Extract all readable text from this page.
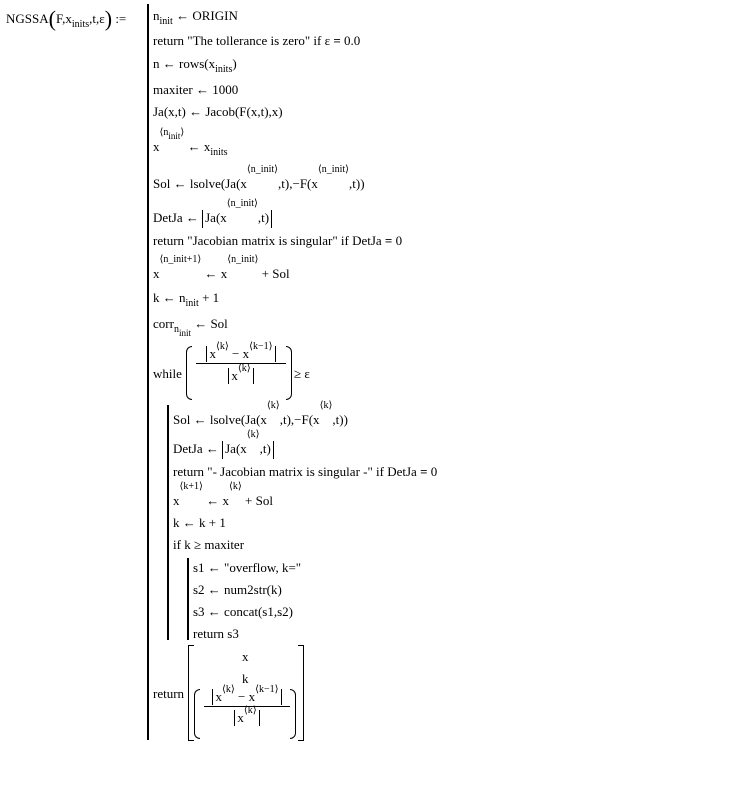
$NGSSA(F,x_{inits},t,\varepsilon)$ := $n_{init}$ ← ORIGIN
return "The tollerance is zero" if ε = 0.0
n ← $rows(x_{inits})$
maxiter ← 1000
Ja(x,t) ← Jacob(F(x,t),x)
$x^{⟨ninit⟩}$ ← $x_{inits}$
Sol ← $lsolve(Ja(x^{⟨n\_init⟩},t),-F(x^{⟨n\_init⟩},t))$
DetJa ← $Ja(x^{⟨n\_init⟩},t)$
return "Jacobian matrix is singular" if DetJa = 0
$x^{⟨n\_init+1⟩}$ ← $x^{⟨n\_init⟩}$ + Sol
k ← $n_{init} + 1$
corr$_{ninit}$ ← Sol
while
$x^{⟨k⟩} - x^{⟨k-1⟩}$
$x^{⟨k⟩}$	≥ ε
Sol ← $lsolve(Ja(x^{⟨k⟩},t),-F(x^{⟨k⟩},t))$
DetJa ← $Ja(x^{⟨k⟩},t)$
return "- Jacobian matrix is singular -" if DetJa = 0
$x^{⟨k+1⟩}$ ← $x^{⟨k⟩}$ + Sol
k ← k + 1
if k ≥ maxiter
s1 ← "overflow, k="
s2 ← num2str(k)
s3 ← concat(s1,s2)
return s3
return
x
k
$x^{⟨k⟩} - x^{⟨k-1⟩}$
$x^{⟨k⟩}$
